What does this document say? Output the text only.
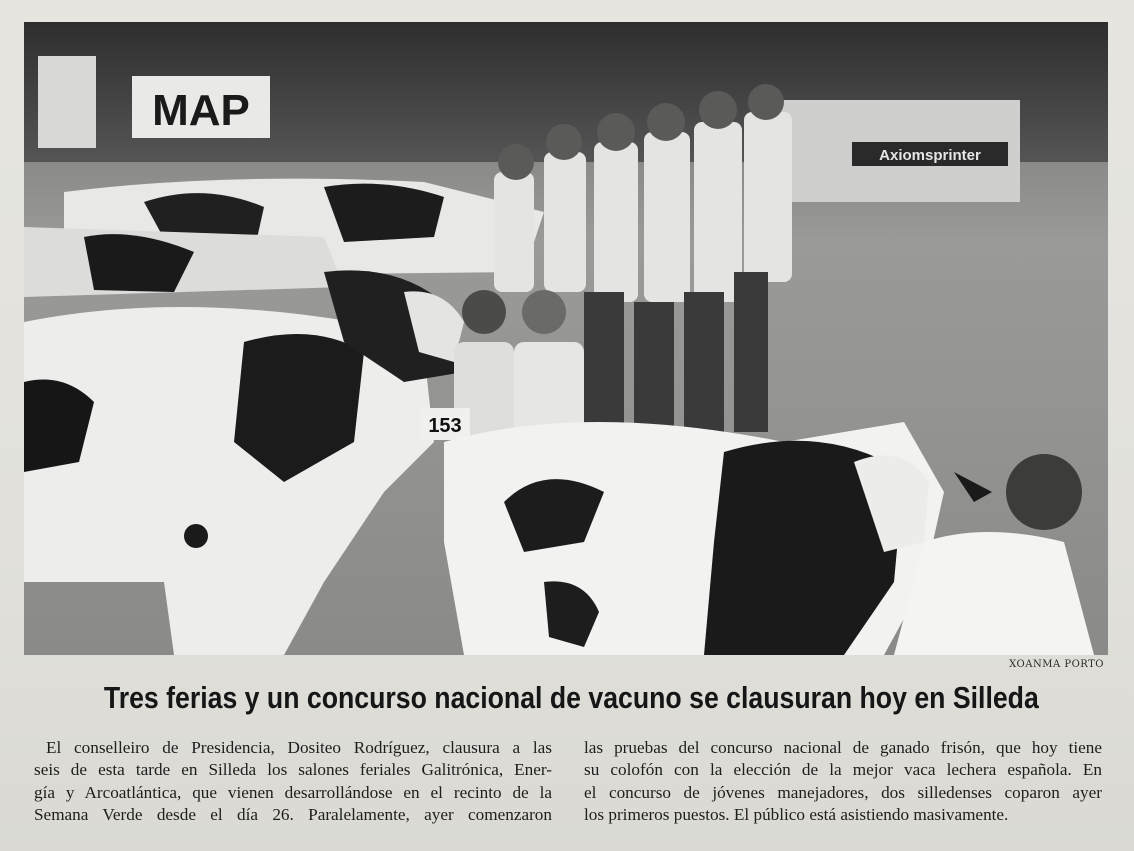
MAP
Axiomsprinter
153
XOANMA PORTO
Tres ferias y un concurso nacional de vacuno se clausuran hoy en Silleda
El conselleiro de Presidencia, Dositeo Rodríguez, clausura a las
seis de esta tarde en Silleda los salones feriales Galitrónica, Ener-
gía y Arcoatlántica, que vienen desarrollándose en el recinto de la
Semana Verde desde el día 26. Paralelamente, ayer comenzaron
las pruebas del concurso nacional de ganado frisón, que hoy tiene
su colofón con la elección de la mejor vaca lechera española. En
el concurso de jóvenes manejadores, dos silledenses coparon ayer
los primeros puestos. El público está asistiendo masivamente.
